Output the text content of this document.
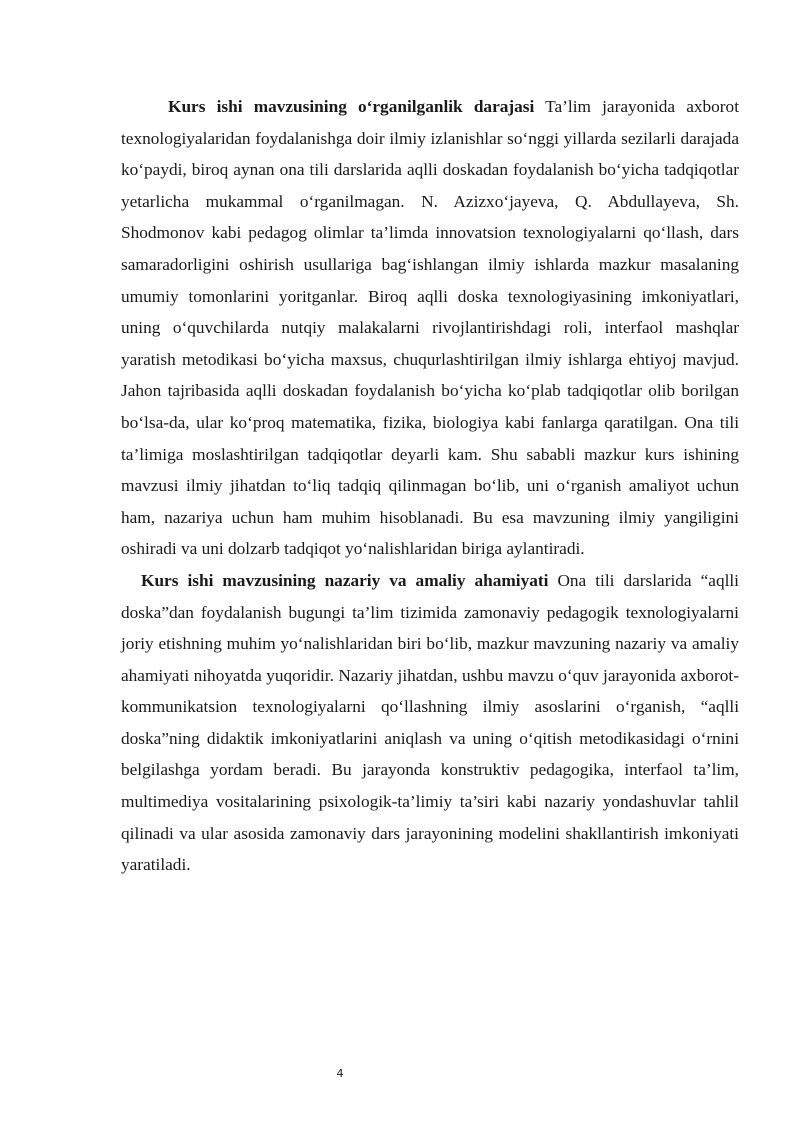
Kurs ishi mavzusining o‘rganilganlik darajasi Ta’lim jarayonida axborot texnologiyalaridan foydalanishga doir ilmiy izlanishlar so‘nggi yillarda sezilarli darajada ko‘paydi, biroq aynan ona tili darslarida aqlli doskadan foydalanish bo‘yicha tadqiqotlar yetarlicha mukammal o‘rganilmagan. N. Azizxo‘jayeva, Q. Abdullayeva, Sh. Shodmonov kabi pedagog olimlar ta’limda innovatsion texnologiyalarni qo‘llash, dars samaradorligini oshirish usullariga bag‘ishlangan ilmiy ishlarda mazkur masalaning umumiy tomonlarini yoritganlar. Biroq aqlli doska texnologiyasining imkoniyatlari, uning o‘quvchilarda nutqiy malakalarni rivojlantirishdagi roli, interfaol mashqlar yaratish metodikasi bo‘yicha maxsus, chuqurlashtirilgan ilmiy ishlarga ehtiyoj mavjud. Jahon tajribasida aqlli doskadan foydalanish bo‘yicha ko‘plab tadqiqotlar olib borilgan bo‘lsa-da, ular ko‘proq matematika, fizika, biologiya kabi fanlarga qaratilgan. Ona tili ta’limiga moslashtirilgan tadqiqotlar deyarli kam. Shu sababli mazkur kurs ishining mavzusi ilmiy jihatdan to‘liq tadqiq qilinmagan bo‘lib, uni o‘rganish amaliyot uchun ham, nazariya uchun ham muhim hisoblanadi. Bu esa mavzuning ilmiy yangiligini oshiradi va uni dolzarb tadqiqot yo‘nalishlaridan biriga aylantiradi.

Kurs ishi mavzusining nazariy va amaliy ahamiyati Ona tili darslarida “aqlli doska”dan foydalanish bugungi ta’lim tizimida zamonaviy pedagogik texnologiyalarni joriy etishning muhim yo‘nalishlaridan biri bo‘lib, mazkur mavzuning nazariy va amaliy ahamiyati nihoyatda yuqoridir. Nazariy jihatdan, ushbu mavzu o‘quv jarayonida axborot-kommunikatsion texnologiyalarni qo‘llashning ilmiy asoslarini o‘rganish, “aqlli doska”ning didaktik imkoniyatlarini aniqlash va uning o‘qitish metodikasidagi o‘rnini belgilashga yordam beradi. Bu jarayonda konstruktiv pedagogika, interfaol ta’lim, multimediya vositalarining psixologik-ta’limiy ta’siri kabi nazariy yondashuvlar tahlil qilinadi va ular asosida zamonaviy dars jarayonining modelini shakllantirish imkoniyati yaratiladi.

4
